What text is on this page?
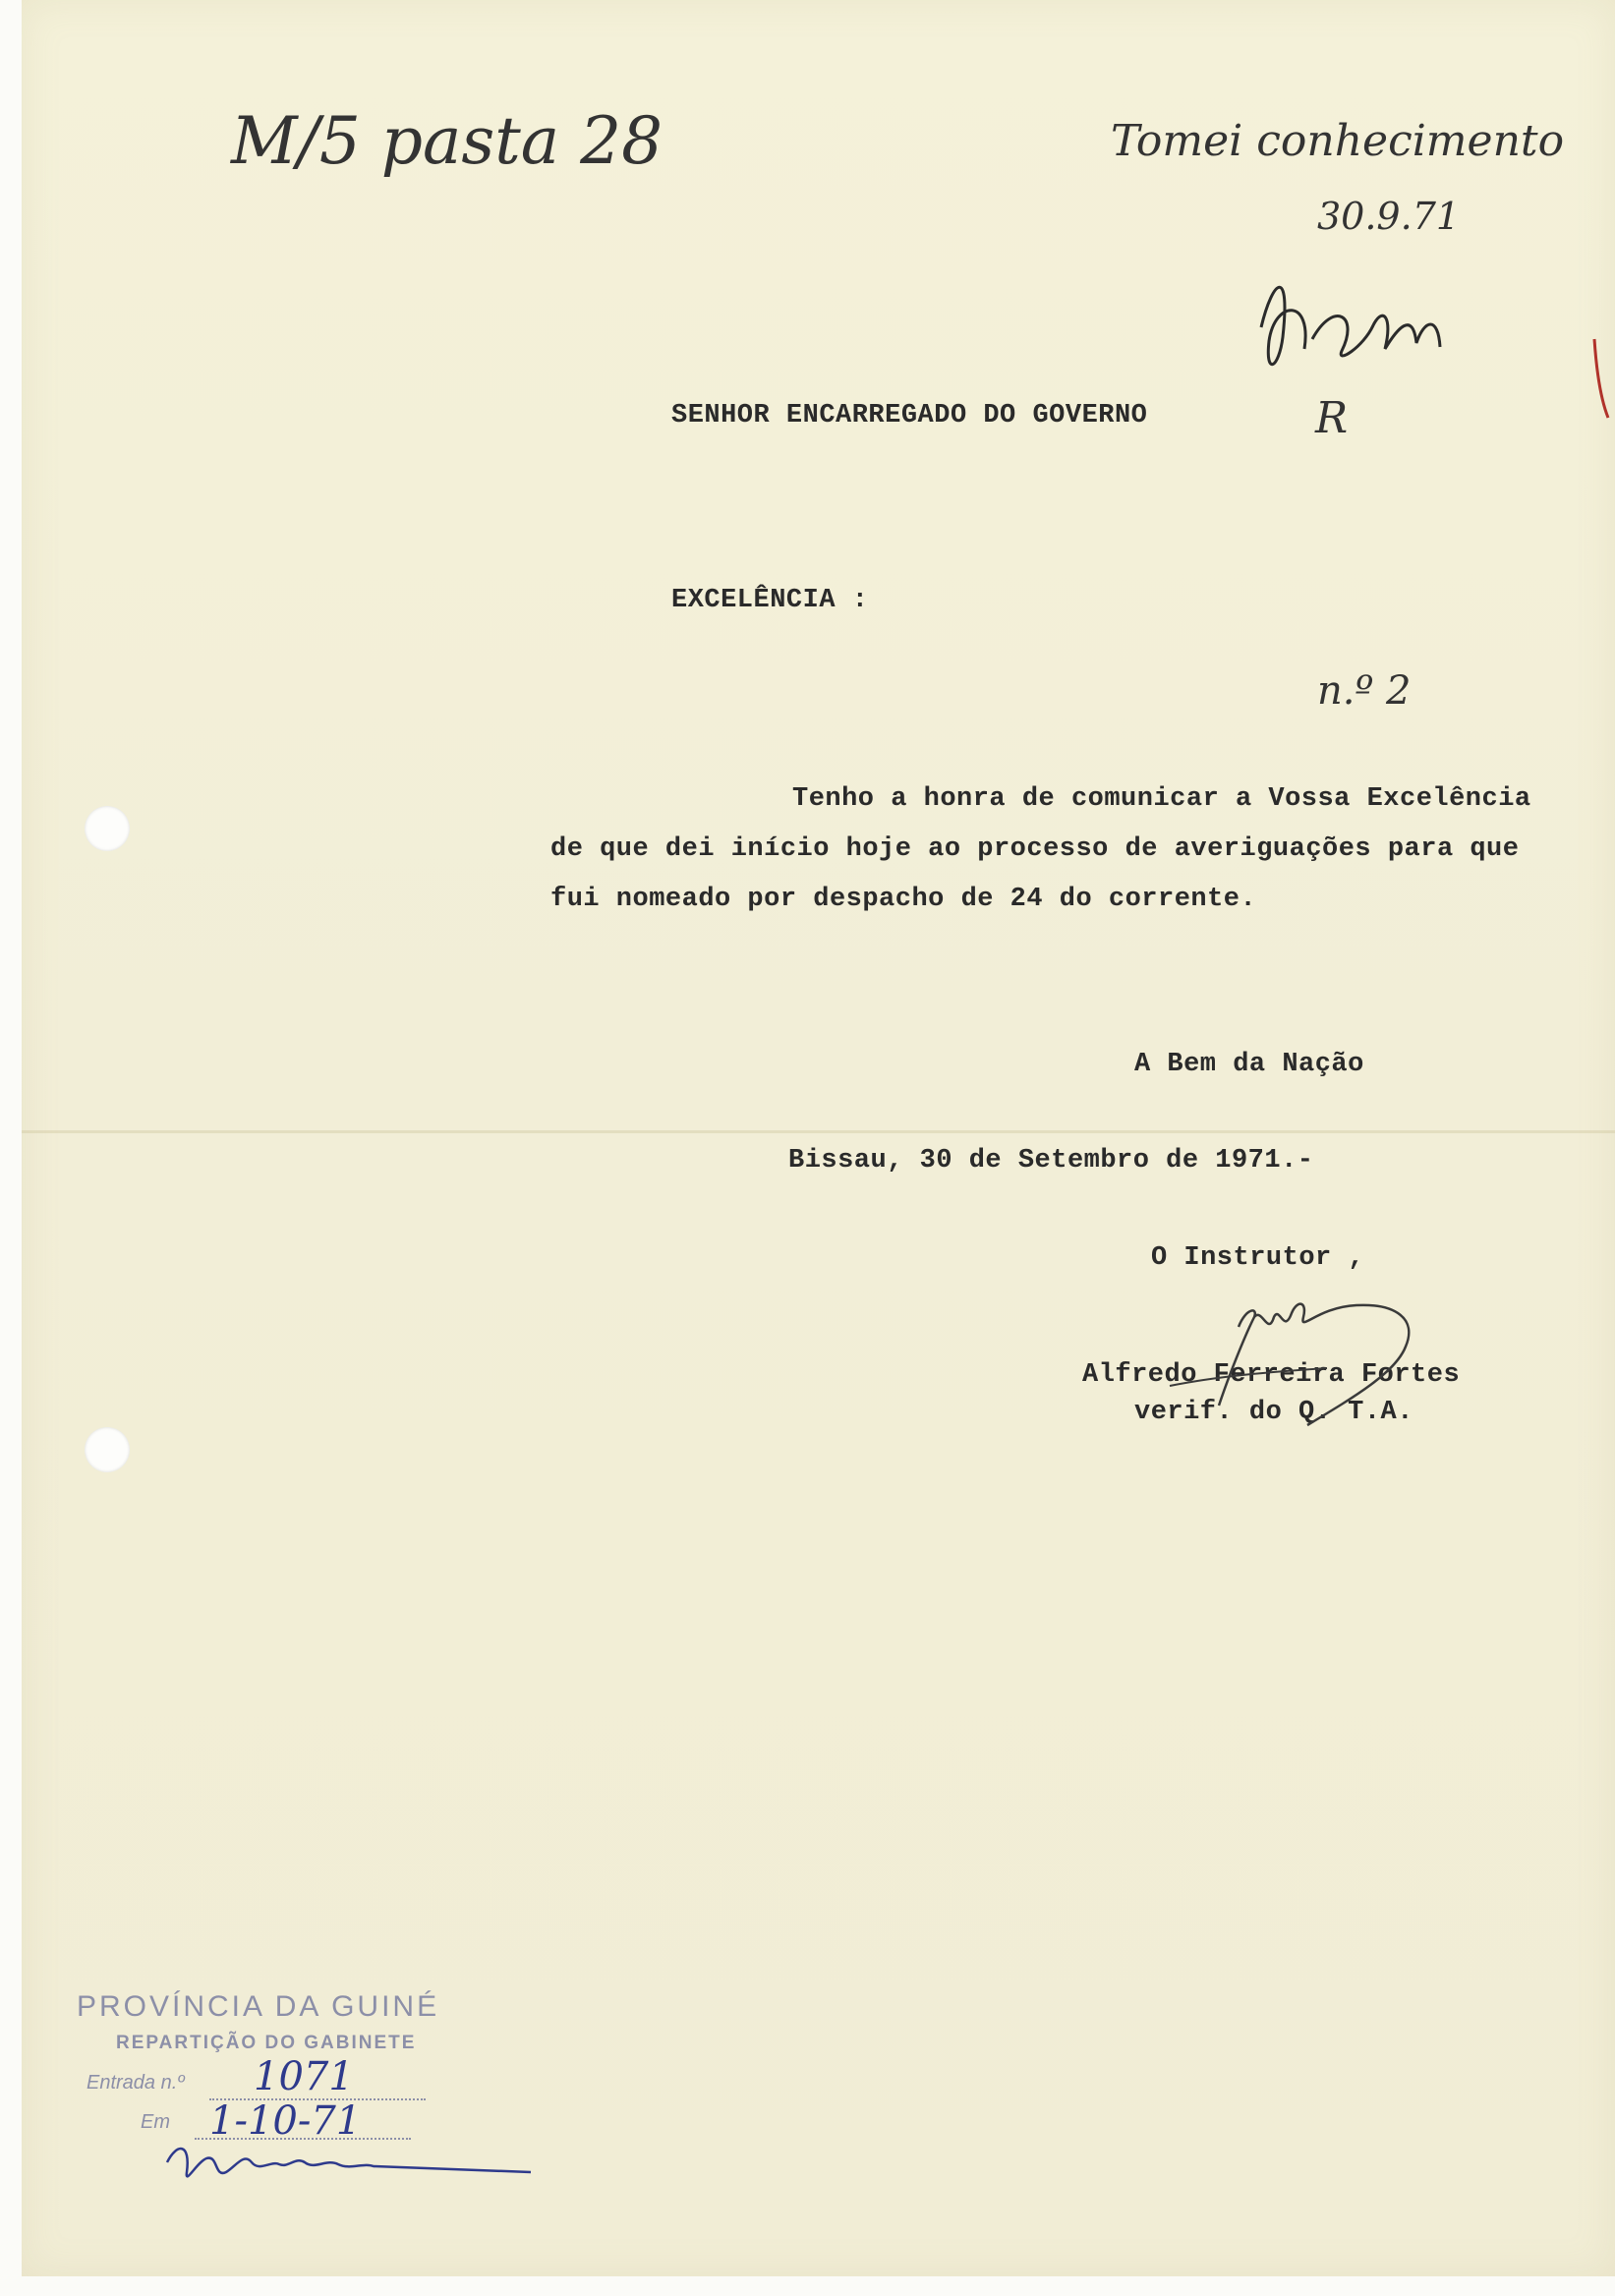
M/5 pasta 28	Tomei conhecimento
30.9.71
R
n.º 2
SENHOR ENCARREGADO DO GOVERNO
EXCELÊNCIA :
Tenho a honra de comunicar a Vossa Excelência
de que dei início hoje ao processo de averiguações para que
fui nomeado por despacho de 24 do corrente.
A Bem da Nação
Bissau, 30 de Setembro de 1971.-
O Instrutor ,
Alfredo Ferreira Fortes
verif. do Q. T.A.
PROVÍNCIA DA GUINÉ
REPARTIÇÃO DO GABINETE
Entrada n.º 1071
Em 1-10-71
